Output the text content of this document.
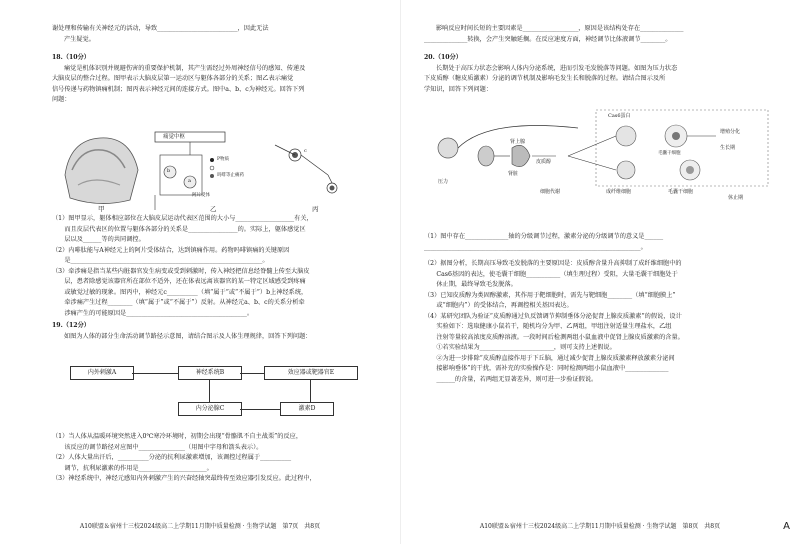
谢处理和传输有关神经元的活动，导致__________________________，因此无法

产生疑觉。

18.（10分）

痛觉是机体识别并规避伤害的重要保护机制，其产生需经过外周神经信号的感知、传递及

大脑皮层的整合过程。图甲表示大脑皮层第一运动区与躯体各部分的关系；图乙表示痛觉

信号传递与药物镇痛机制；图丙表示神经元间的连接方式。图中a、b、c为神经元。回答下列

问题：

痛觉中枢
P物质
吗啡等止痛药
阿片受体
b
a
c
甲	乙	丙

（1）图甲显示，躯体相应部位在大脑皮层运动代表区范围的大小与___________________有关，

　　而且皮层代表区的位置与躯体各部分的关系是________________的。实际上，躯体感觉区

　　层以及______等的共同调控。

（2）内啡肽能与A神经元上的阿片受体结合，达到镇痛作用。药物吗啡镇痛的关键原因

　　是______________________________________________________________。

（3）牵涉痛是指当某些内脏器官发生病变或受到刺激时，传入神经把信息经脊髓上传至大脑皮

　　层，患者除感觉该器官所在部位不适外，还在体表远离该器官的某一特定区域感受到疼痛

　　或敏觉过敏的现象。图丙中，神经元c__________（填“属于”或“不属于”）b上神经系统，

　　牵涉痛产生过程________（填“属于”或“不属于”）反射。从神经元a、b、c的关系分析牵

　　涉痛产生的可能原因是_______________________________________。

19.（12分）

如图为人体的部分生命活动调节路径示意图，请结合图示及人体生理规律，回答下列问题：

内外刺激A	神经系统B	效应器或靶器官E
内分泌腺C	激素D

（1）当人体从温暖环境突然进入0℃寒冷环境时，初期会出现“骨骼肌不自主战栗”的反应，

　　该反应的调节路径对应图中_______________（用图中字母和箭头表示）。

（2）人体大量出汗后，__________分泌的抗利尿激素增加，该调控过程属于__________

　　调节，抗利尿激素的作用是______________________。

（3）神经系统中，神经元感知内外刺激产生的兴奋经轴突最终传至效应器引发反应。此过程中，

A10联盟＆宿州十三校2024级高二上学期11月期中质量检测 · 生物学试题　第7页　共8页

影响反应时间长短的主要因素是__________________，原因是该结构处存在______________

______________转换，会产生突触延搁。在反应速度方面，神经调节比体液调节________。

20.（10分）

长期处于高压力状态会影响人体内分泌系统，进而引发毛发脱落等问题。如图为压力状态

下皮质醇（糖皮质激素）分泌的调节机制及影响毛发生长和脱落的过程。请结合图示及所

学知识，回答下列问题：

皮质醇
肾上腺
压力
肾脏
细胞代谢
Cas6蛋白
毛囊干细胞
增殖分化
生长期
成纤维细胞	毛囊干细胞
休止期

（1）图中存在______________轴的分级调节过程，激素分泌的分级调节的意义是______

______________________________________________________________________。

（2）据图分析，长期高压导致毛发脱落的主要原因是：皮质醇含量升高抑制了成纤维细胞中的

　　Cas6基因的表达，使毛囊干细胞___________（填生理过程）受阻，大量毛囊干细胞处于

　　休止期，最终导致毛发脱落。

（3）已知皮质醇为类固醇激素，其作用于靶细胞时，需先与靶细胞________（填“细胞膜上”

　　或“细胞内”）的受体结合，再调控相关基因表达。

（4）某研究团队为验证“皮质醇通过负反馈调节抑制垂体分泌促肾上腺皮质激素”的假说，设计

　　实验如下：选取健康小鼠若干，随机均分为甲、乙两组，甲组注射适量生理盐水，乙组

　　注射等量较高浓度皮质醇溶液。一段时间后检测两组小鼠血液中促肾上腺皮质激素的含量。

　　①若实验结果为________________________，则可支持上述假说。

　　②为进一步排除“皮质醇直接作用于下丘脑，通过减少促肾上腺皮质激素释放激素分泌间

　　接影响垂体”的干扰，需补充的实验操作是：同时检测两组小鼠血液中______________

　　______的含量，若两组无显著差异，则可进一步验证假说。

A10联盟＆宿州十三校2024级高二上学期11月期中质量检测 · 生物学试题　第8页　共8页	A
